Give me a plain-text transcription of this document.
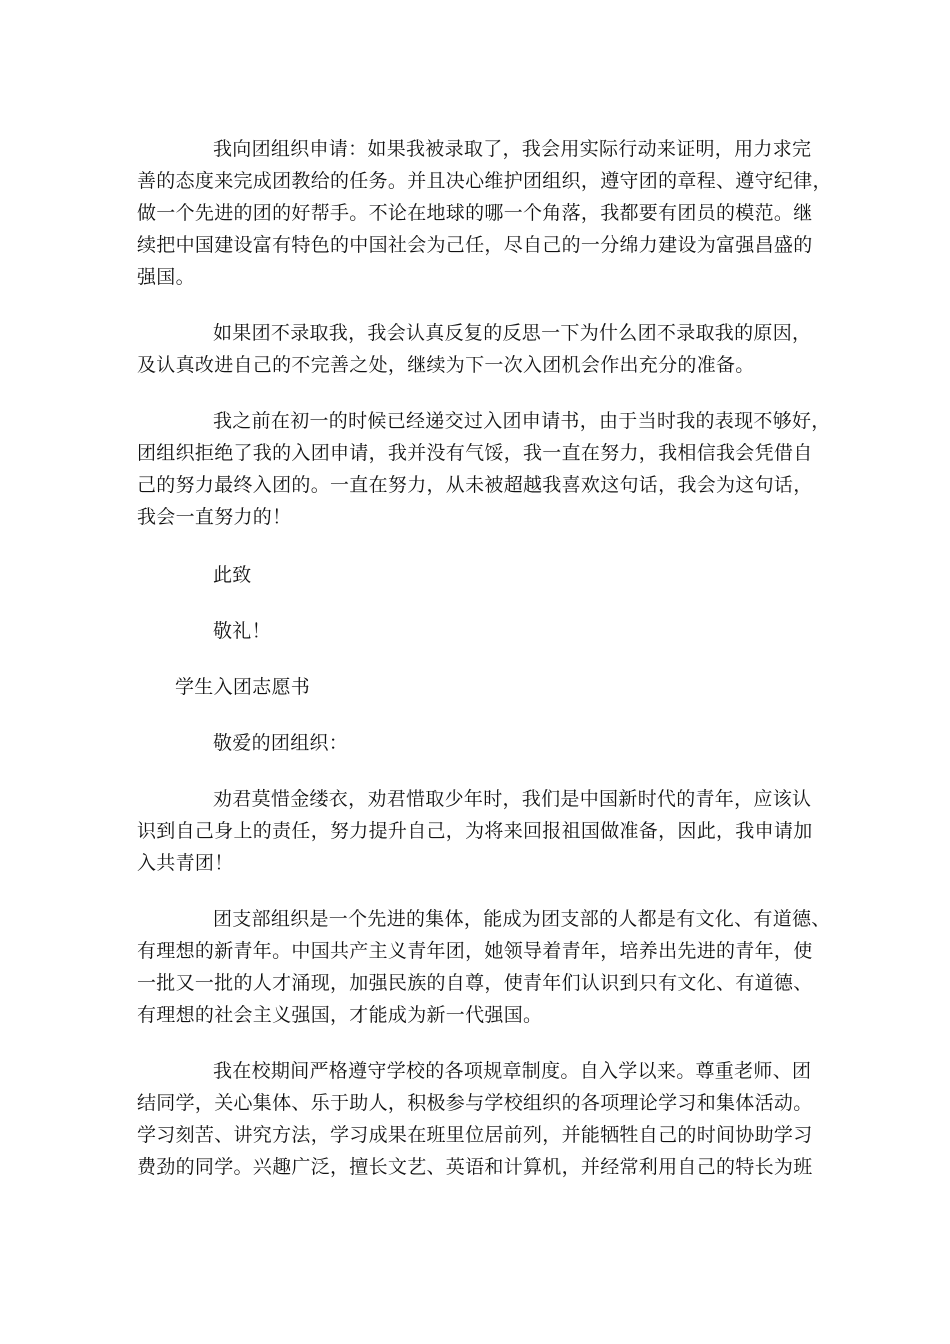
我向团组织申请：如果我被录取了，我会用实际行动来证明，用力求完
善的态度来完成团教给的任务。并且决心维护团组织，遵守团的章程、遵守纪律，
做一个先进的团的好帮手。不论在地球的哪一个角落，我都要有团员的模范。继
续把中国建设富有特色的中国社会为己任，尽自己的一分绵力建设为富强昌盛的
强国。
如果团不录取我，我会认真反复的反思一下为什么团不录取我的原因，
及认真改进自己的不完善之处，继续为下一次入团机会作出充分的准备。
我之前在初一的时候已经递交过入团申请书，由于当时我的表现不够好，
团组织拒绝了我的入团申请，我并没有气馁，我一直在努力，我相信我会凭借自
己的努力最终入团的。一直在努力，从未被超越我喜欢这句话，我会为这句话，
我会一直努力的！
此致
敬礼！
学生入团志愿书
敬爱的团组织：
劝君莫惜金缕衣，劝君惜取少年时，我们是中国新时代的青年，应该认
识到自己身上的责任，努力提升自己，为将来回报祖国做准备，因此，我申请加
入共青团！
团支部组织是一个先进的集体，能成为团支部的人都是有文化、有道德、
有理想的新青年。中国共产主义青年团，她领导着青年，培养出先进的青年，使
一批又一批的人才涌现，加强民族的自尊，使青年们认识到只有文化、有道德、
有理想的社会主义强国，才能成为新一代强国。
我在校期间严格遵守学校的各项规章制度。自入学以来。尊重老师、团
结同学，关心集体、乐于助人，积极参与学校组织的各项理论学习和集体活动。
学习刻苦、讲究方法，学习成果在班里位居前列，并能牺牲自己的时间协助学习
费劲的同学。兴趣广泛，擅长文艺、英语和计算机，并经常利用自己的特长为班
